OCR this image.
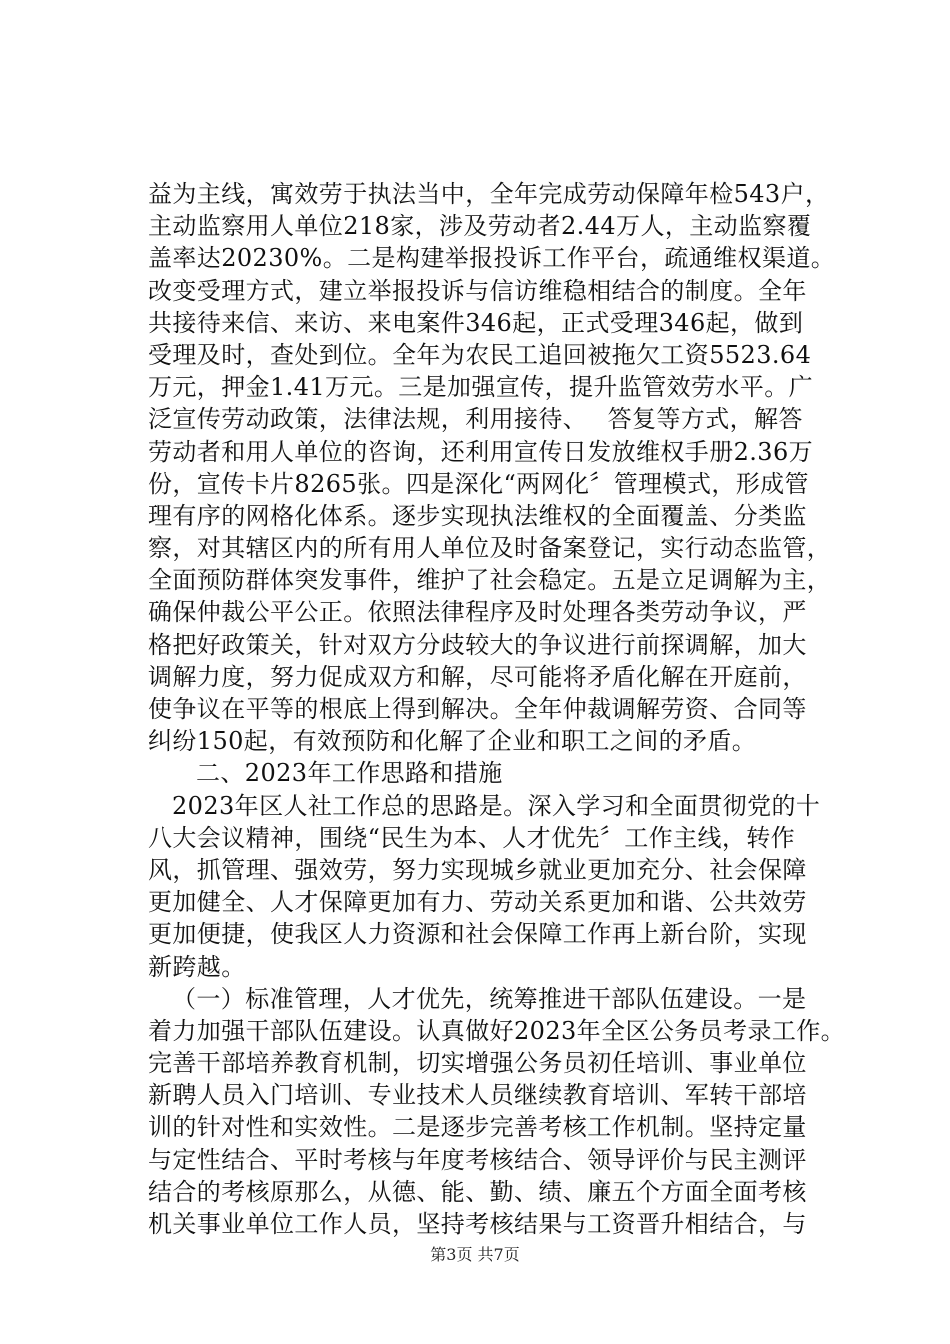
益为主线，寓效劳于执法当中，全年完成劳动保障年检543户，
主动监察用人单位218家，涉及劳动者2.44万人，主动监察覆
盖率达20230%。二是构建举报投诉工作平台，疏通维权渠道。
改变受理方式，建立举报投诉与信访维稳相结合的制度。全年
共接待来信、来访、来电案件346起，正式受理346起，做到
受理及时，查处到位。全年为农民工追回被拖欠工资5523.64
万元，押金1.41万元。三是加强宣传，提升监管效劳水平。广
泛宣传劳动政策，法律法规，利用接待、　 答复等方式，解答
劳动者和用人单位的咨询，还利用宣传日发放维权手册2.36万
份，宣传卡片8265张。四是深化“两网化〞管理模式，形成管
理有序的网格化体系。逐步实现执法维权的全面覆盖、分类监
察，对其辖区内的所有用人单位及时备案登记，实行动态监管，
全面预防群体突发事件，维护了社会稳定。五是立足调解为主，
确保仲裁公平公正。依照法律程序及时处理各类劳动争议，严
格把好政策关，针对双方分歧较大的争议进行前探调解，加大
调解力度，努力促成双方和解，尽可能将矛盾化解在开庭前，
使争议在平等的根底上得到解决。全年仲裁调解劳资、合同等
纠纷150起，有效预防和化解了企业和职工之间的矛盾。
二、2023年工作思路和措施
2023年区人社工作总的思路是。深入学习和全面贯彻党的十
八大会议精神，围绕“民生为本、人才优先〞工作主线，转作
风，抓管理、强效劳，努力实现城乡就业更加充分、社会保障
更加健全、人才保障更加有力、劳动关系更加和谐、公共效劳
更加便捷，使我区人力资源和社会保障工作再上新台阶，实现
新跨越。
（一）标准管理，人才优先，统筹推进干部队伍建设。一是
着力加强干部队伍建设。认真做好2023年全区公务员考录工作。
完善干部培养教育机制，切实增强公务员初任培训、事业单位
新聘人员入门培训、专业技术人员继续教育培训、军转干部培
训的针对性和实效性。二是逐步完善考核工作机制。坚持定量
与定性结合、平时考核与年度考核结合、领导评价与民主测评
结合的考核原那么，从德、能、勤、绩、廉五个方面全面考核
机关事业单位工作人员，坚持考核结果与工资晋升相结合，与
第3页 共7页
